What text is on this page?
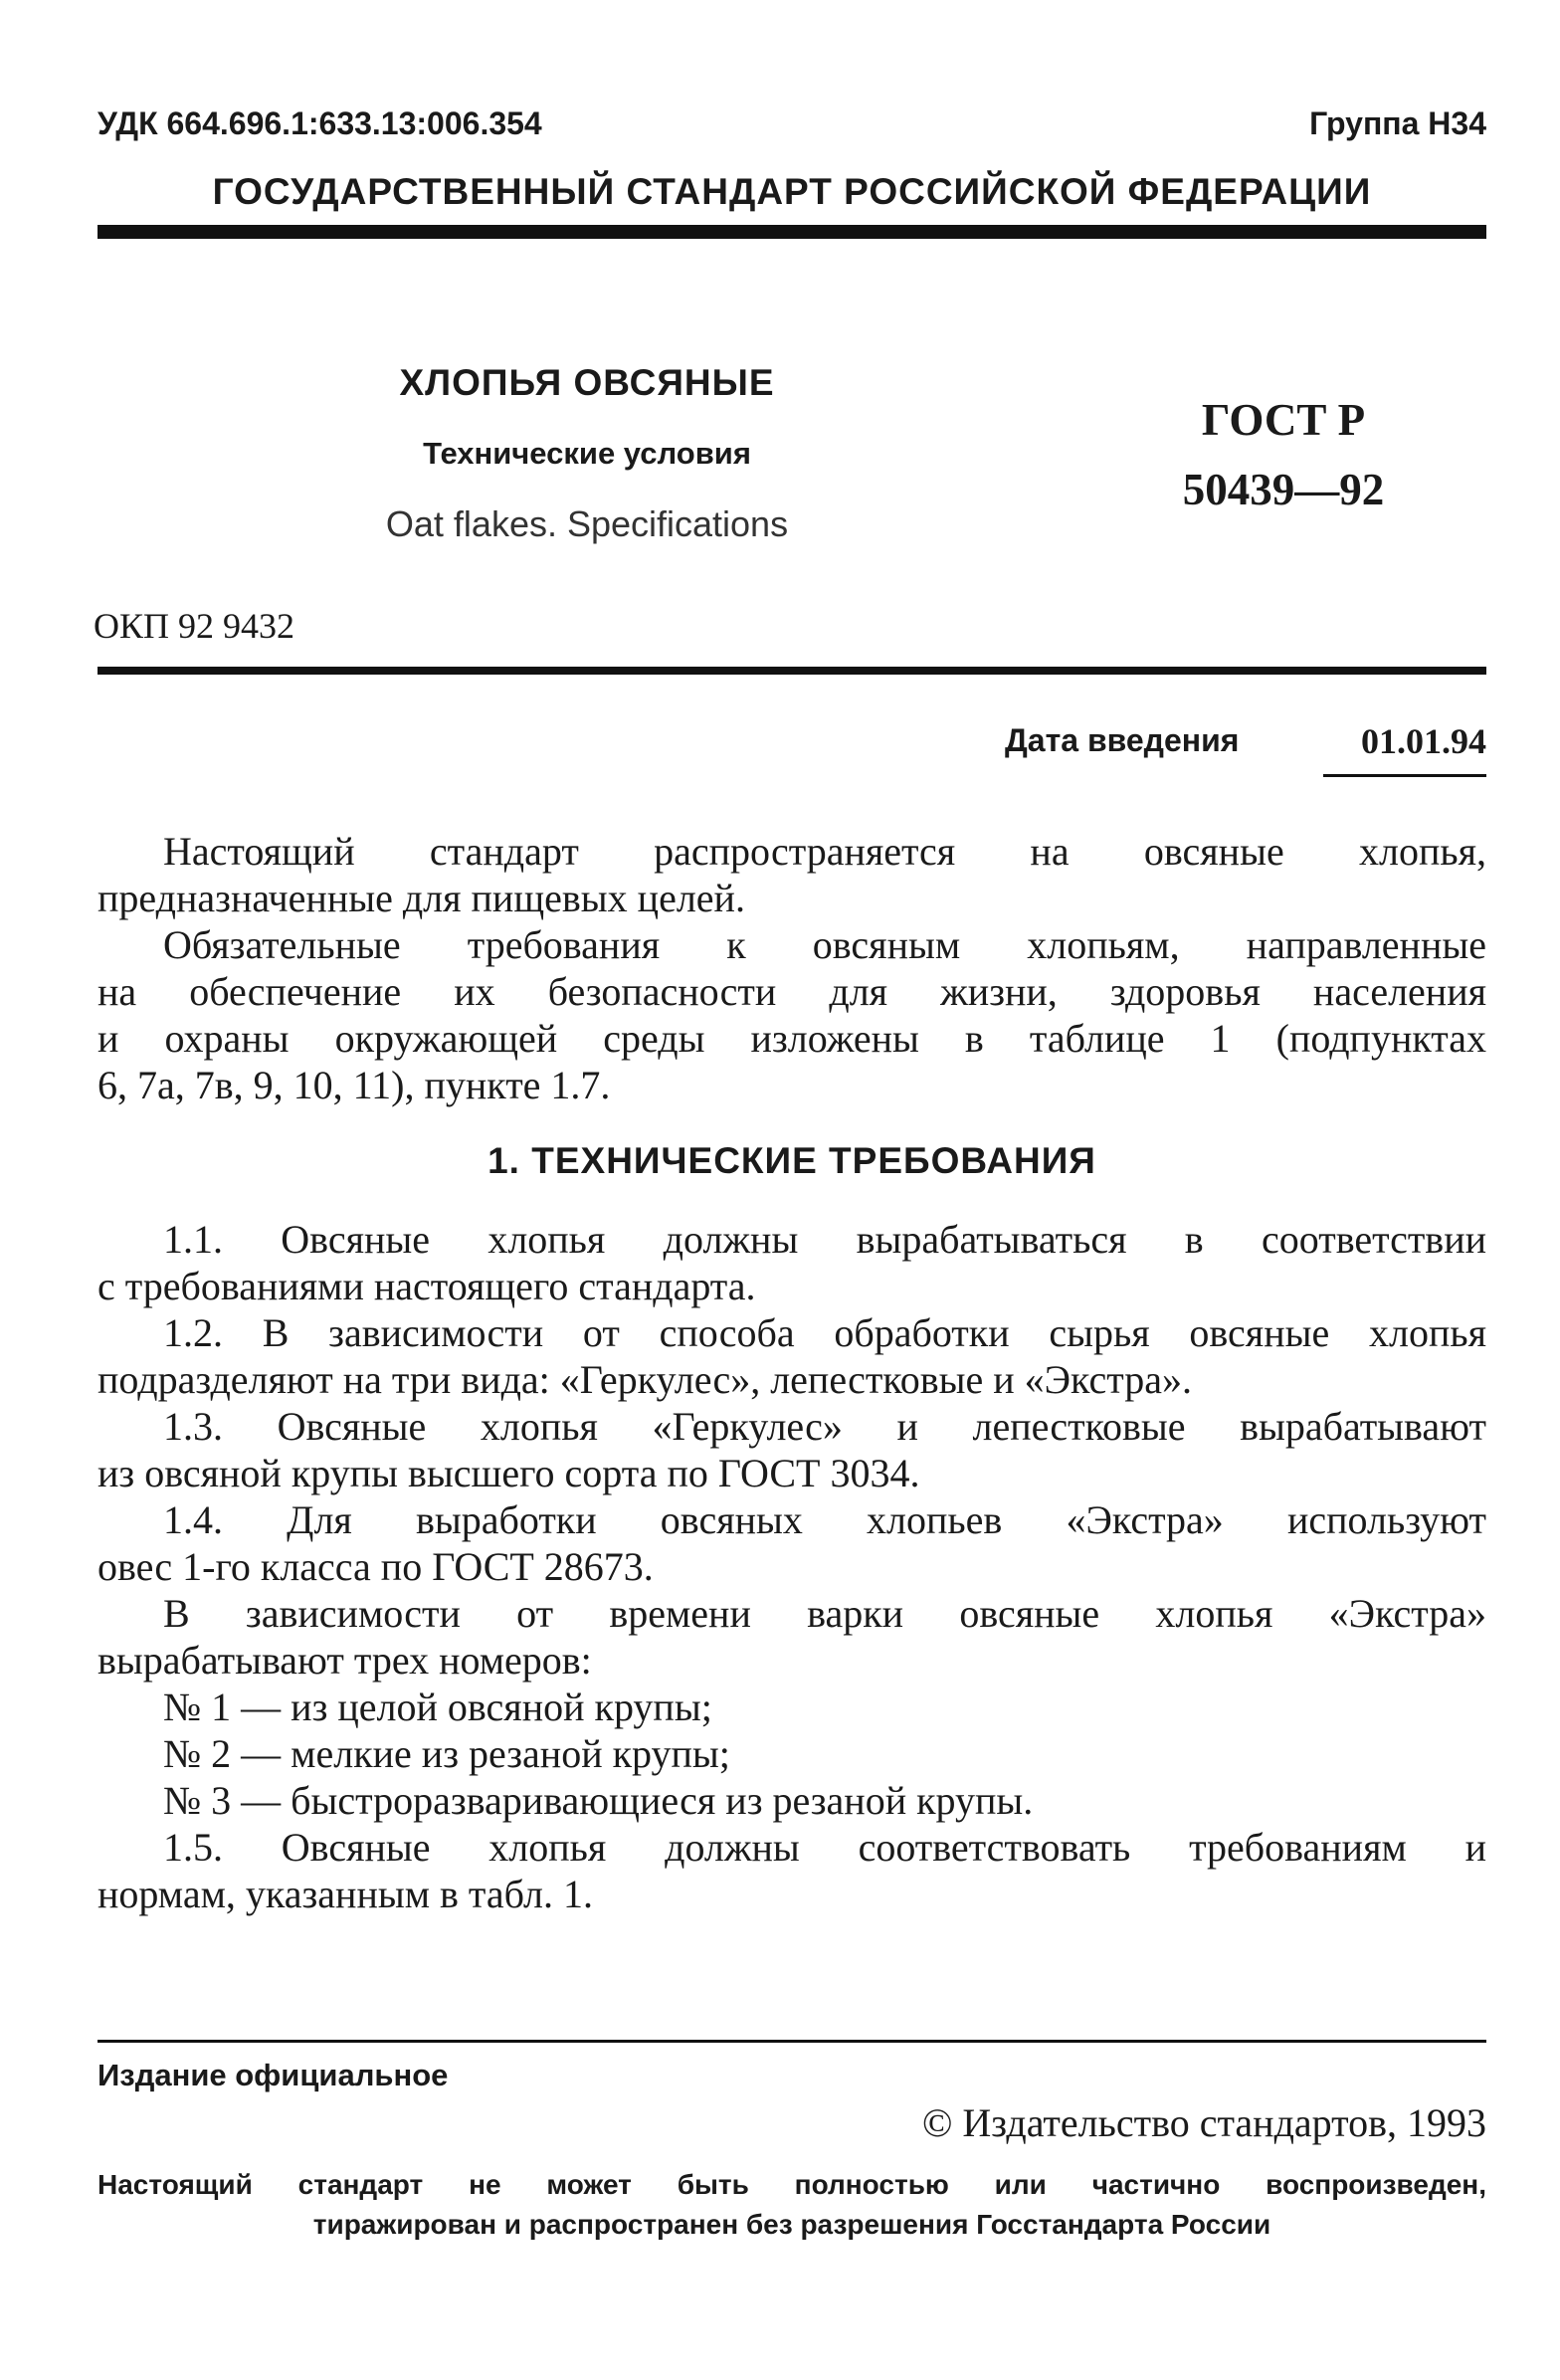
УДК 664.696.1:633.13:006.354	Группа Н34
ГОСУДАРСТВЕННЫЙ СТАНДАРТ РОССИЙСКОЙ ФЕДЕРАЦИИ
ХЛОПЬЯ ОВСЯНЫЕ
Технические условия
Oat flakes. Specifications
ГОСТ Р
50439—92
ОКП 92 9432
Дата введения	01.01.94
Настоящий стандарт распространяется на овсяные хлопья,
предназначенные для пищевых целей.
Обязательные требования к овсяным хлопьям, направленные
на обеспечение их безопасности для жизни, здоровья населения
и охраны окружающей среды изложены в таблице 1 (подпунктах
6, 7а, 7в, 9, 10, 11), пункте 1.7.
1. ТЕХНИЧЕСКИЕ ТРЕБОВАНИЯ
1.1. Овсяные хлопья должны вырабатываться в соответствии
с требованиями настоящего стандарта.
1.2. В зависимости от способа обработки сырья овсяные хлопья
подразделяют на три вида: «Геркулес», лепестковые и «Экстра».
1.3. Овсяные хлопья «Геркулес» и лепестковые вырабатывают
из овсяной крупы высшего сорта по ГОСТ 3034.
1.4. Для выработки овсяных хлопьев «Экстра» используют
овес 1-го класса по ГОСТ 28673.
В зависимости от времени варки овсяные хлопья «Экстра»
вырабатывают трех номеров:
№ 1 — из целой овсяной крупы;
№ 2 — мелкие из резаной крупы;
№ 3 — быстроразваривающиеся из резаной крупы.
1.5. Овсяные хлопья должны соответствовать требованиям и
нормам, указанным в табл. 1.
Издание официальное
© Издательство стандартов, 1993
Настоящий стандарт не может быть полностью или частично воспроизведен,
тиражирован и распространен без разрешения Госстандарта России
